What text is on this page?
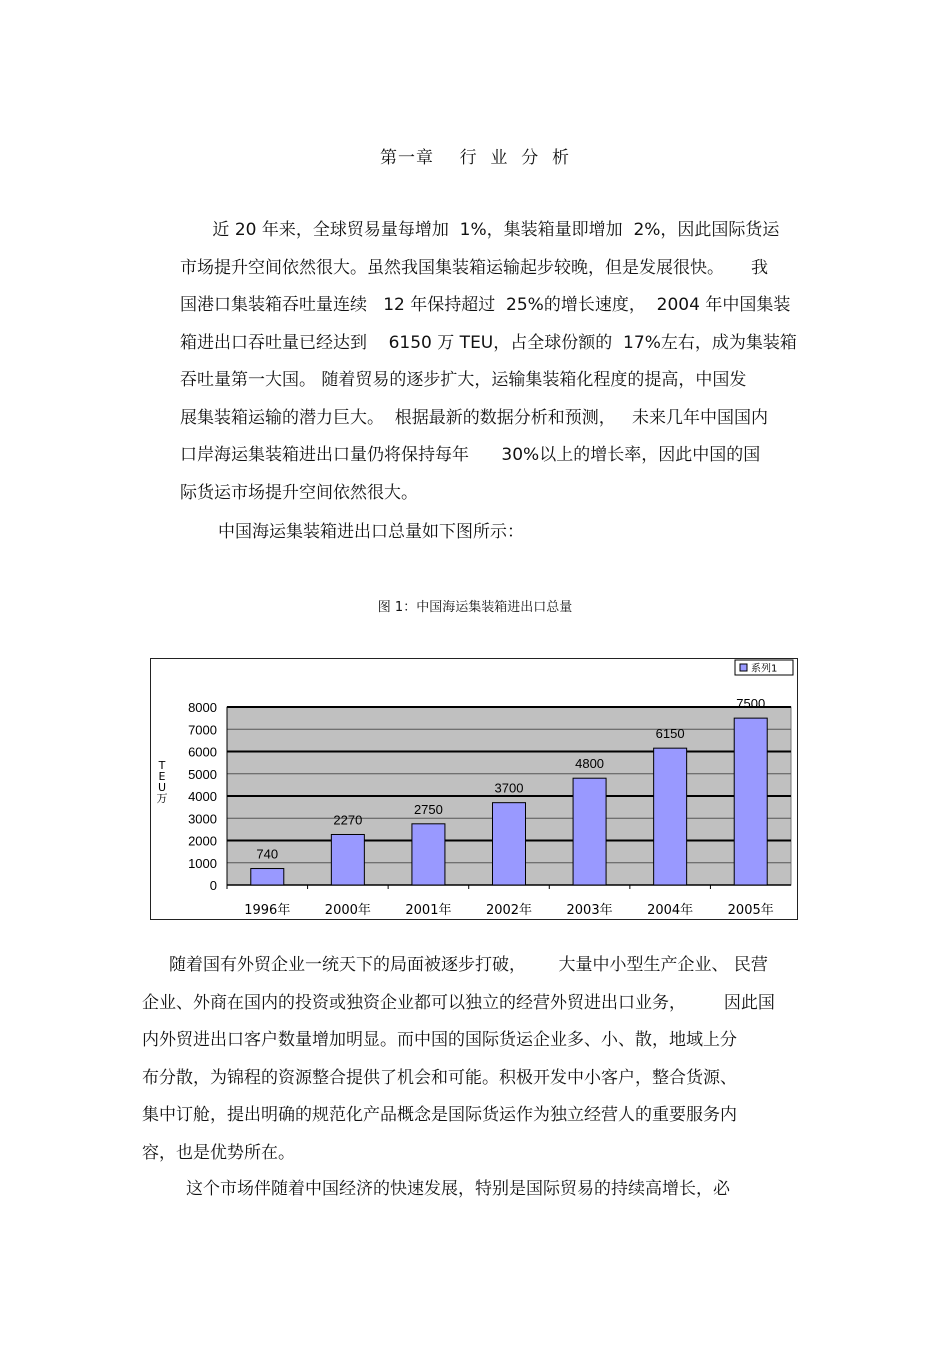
第一章    行  业  分  析
近 20 年来，全球贸易量每增加  1%，集装箱量即增加  2%，因此国际货运
市场提升空间依然很大。虽然我国集装箱运输起步较晚，但是发展很快。     我
国港口集装箱吞吐量连续   12 年保持超过  25%的增长速度，  2004 年中国集装
箱进出口吞吐量已经达到    6150 万 TEU，占全球份额的  17%左右，成为集装箱
吞吐量第一大国。 随着贸易的逐步扩大，运输集装箱化程度的提高，中国发
展集装箱运输的潜力巨大。  根据最新的数据分析和预测，   未来几年中国国内
口岸海运集装箱进出口量仍将保持每年      30%以上的增长率，因此中国的国
际货运市场提升空间依然很大。
中国海运集装箱进出口总量如下图所示：
图 1：中国海运集装箱进出口总量
0
1000
2000
3000
4000
5000
6000
7000
8000
T
E
U
万
740
1996年
2270
2000年
2750
2001年
3700
2002年
4800
2003年
6150
2004年
7500
2005年
系列1
随着国有外贸企业一统天下的局面被逐步打破，      大量中小型生产企业、 民营
企业、外商在国内的投资或独资企业都可以独立的经营外贸进出口业务，       因此国
内外贸进出口客户数量增加明显。而中国的国际货运企业多、小、散，地域上分
布分散，为锦程的资源整合提供了机会和可能。积极开发中小客户，整合货源、
集中订舱，提出明确的规范化产品概念是国际货运作为独立经营人的重要服务内
容，也是优势所在。
这个市场伴随着中国经济的快速发展，特别是国际贸易的持续高增长，必
